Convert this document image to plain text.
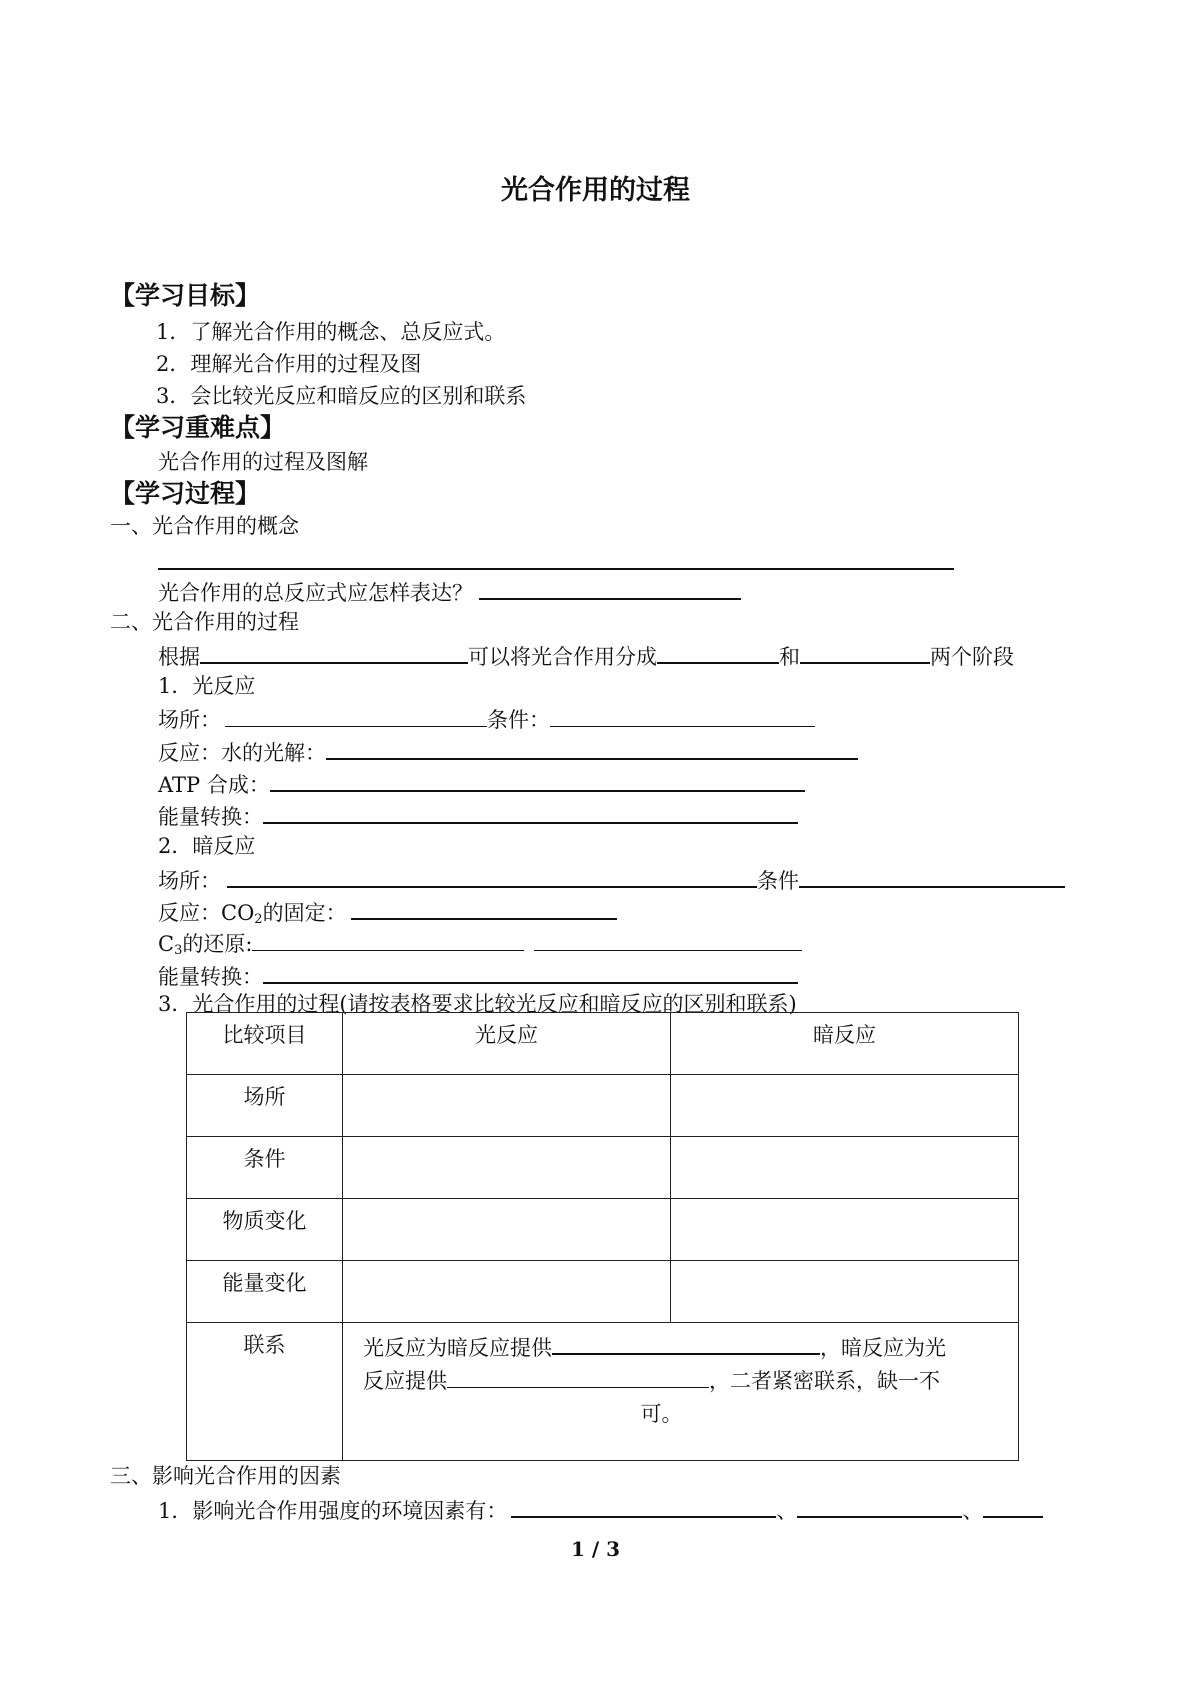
光合作用的过程
【学习目标】
1．了解光合作用的概念、总反应式。
2．理解光合作用的过程及图
3．会比较光反应和暗反应的区别和联系
【学习重难点】
光合作用的过程及图解
【学习过程】
一、光合作用的概念
光合作用的总反应式应怎样表达？
二、光合作用的过程
根据	可以将光合作用分成	和	两个阶段
1．光反应
场所：	条件：
反应：水的光解：
ATP 合成：
能量转换：
2．暗反应
场所：	条件
反应：$CO_2$的固定：
$C_3$的还原:
能量转换：
3．光合作用的过程(请按表格要求比较光反应和暗反应的区别和联系)
比较项目	光反应	暗反应
场所		
条件		
物质变化		
能量变化		
联系	光反应为暗反应提供 ，暗反应为光
反应提供 ，二者紧密联系，缺一不
可。	
三、影响光合作用的因素
1．影响光合作用强度的环境因素有：	、	、
1 / 3
